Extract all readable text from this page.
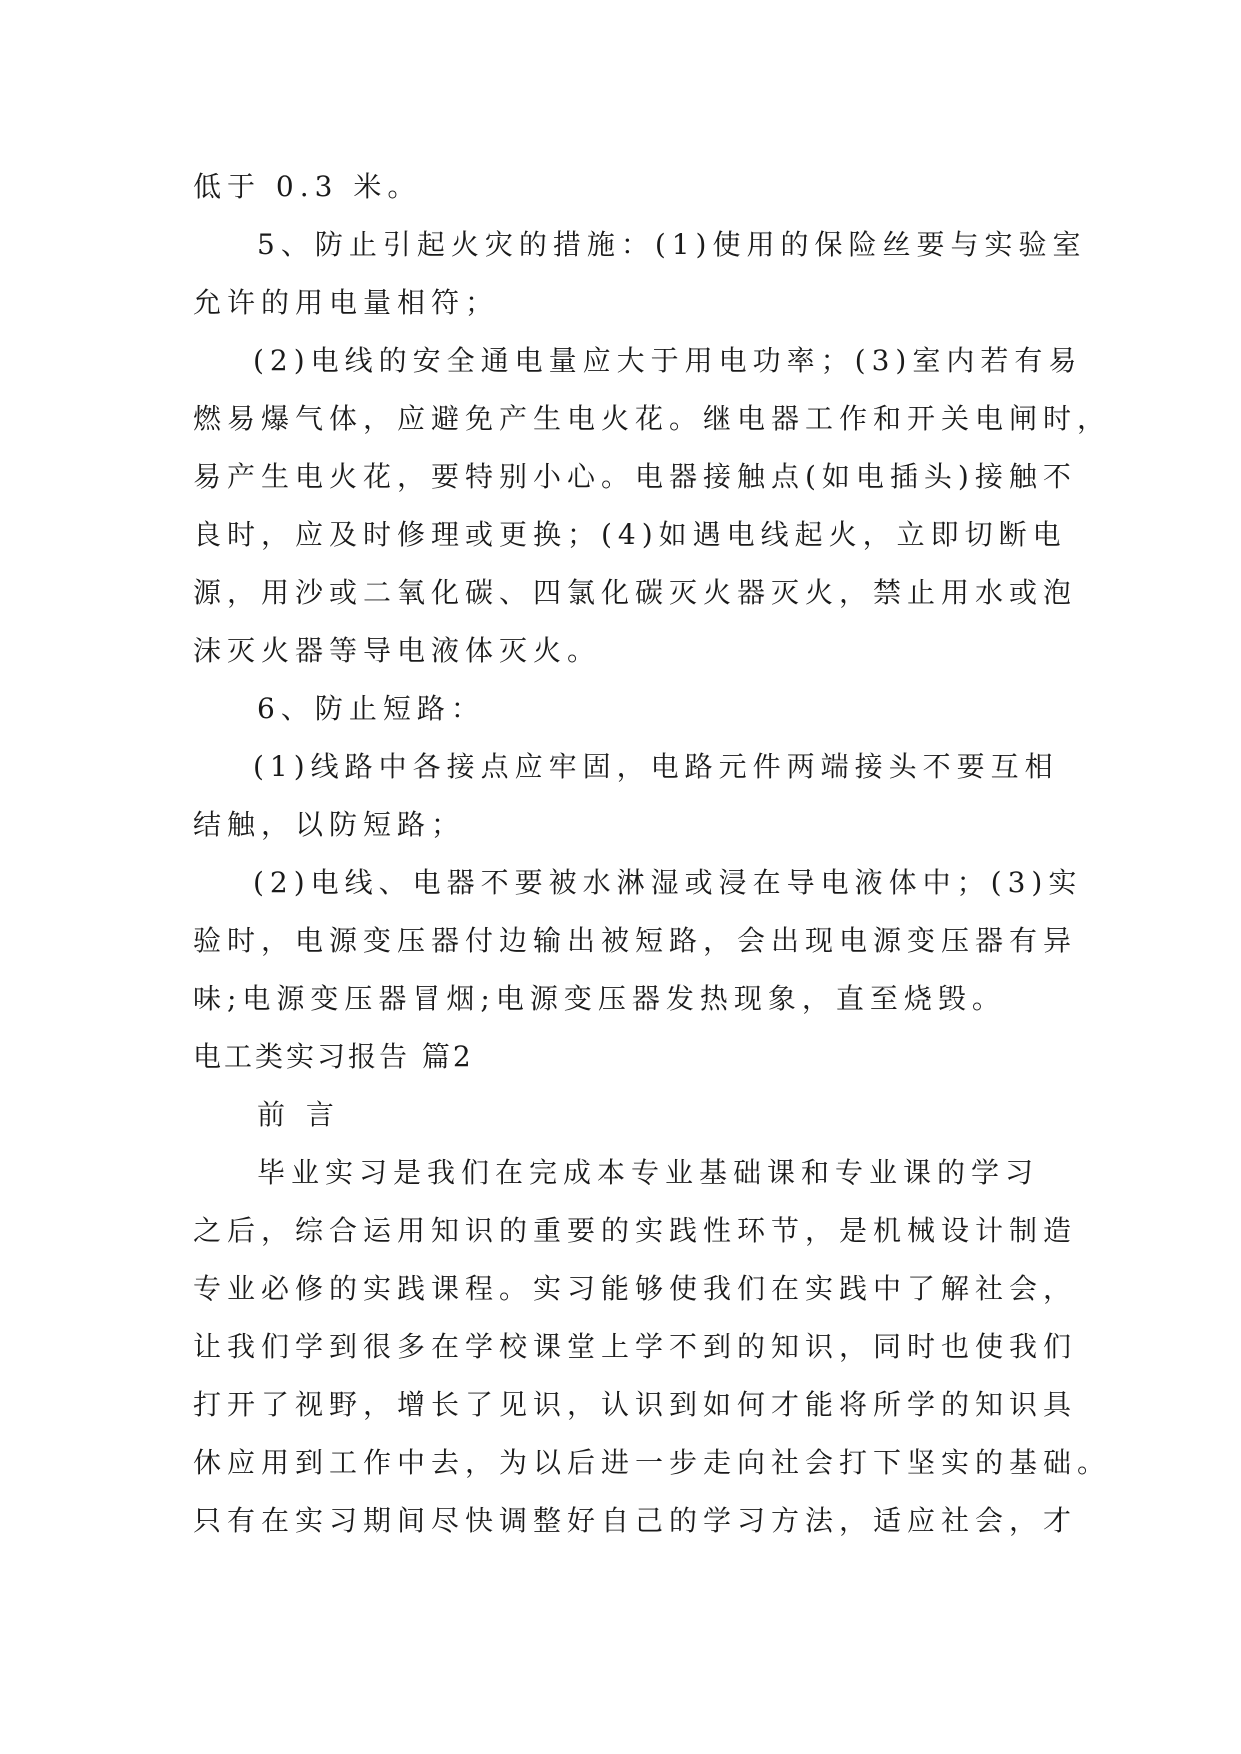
低于 0.3 米。
5、防止引起火灾的措施：(1)使用的保险丝要与实验室
允许的用电量相符；
(2)电线的安全通电量应大于用电功率；(3)室内若有易
燃易爆气体，应避免产生电火花。继电器工作和开关电闸时，
易产生电火花，要特别小心。电器接触点(如电插头)接触不
良时，应及时修理或更换；(4)如遇电线起火，立即切断电
源，用沙或二氧化碳、四氯化碳灭火器灭火，禁止用水或泡
沫灭火器等导电液体灭火。
6、防止短路：
(1)线路中各接点应牢固，电路元件两端接头不要互相
结触，以防短路；
(2)电线、电器不要被水淋湿或浸在导电液体中；(3)实
验时，电源变压器付边输出被短路，会出现电源变压器有异
味;电源变压器冒烟;电源变压器发热现象，直至烧毁。
电工类实习报告 篇2
前 言
毕业实习是我们在完成本专业基础课和专业课的学习
之后，综合运用知识的重要的实践性环节，是机械设计制造
专业必修的实践课程。实习能够使我们在实践中了解社会，
让我们学到很多在学校课堂上学不到的知识，同时也使我们
打开了视野，增长了见识，认识到如何才能将所学的知识具
休应用到工作中去，为以后进一步走向社会打下坚实的基础。
只有在实习期间尽快调整好自己的学习方法，适应社会，才
